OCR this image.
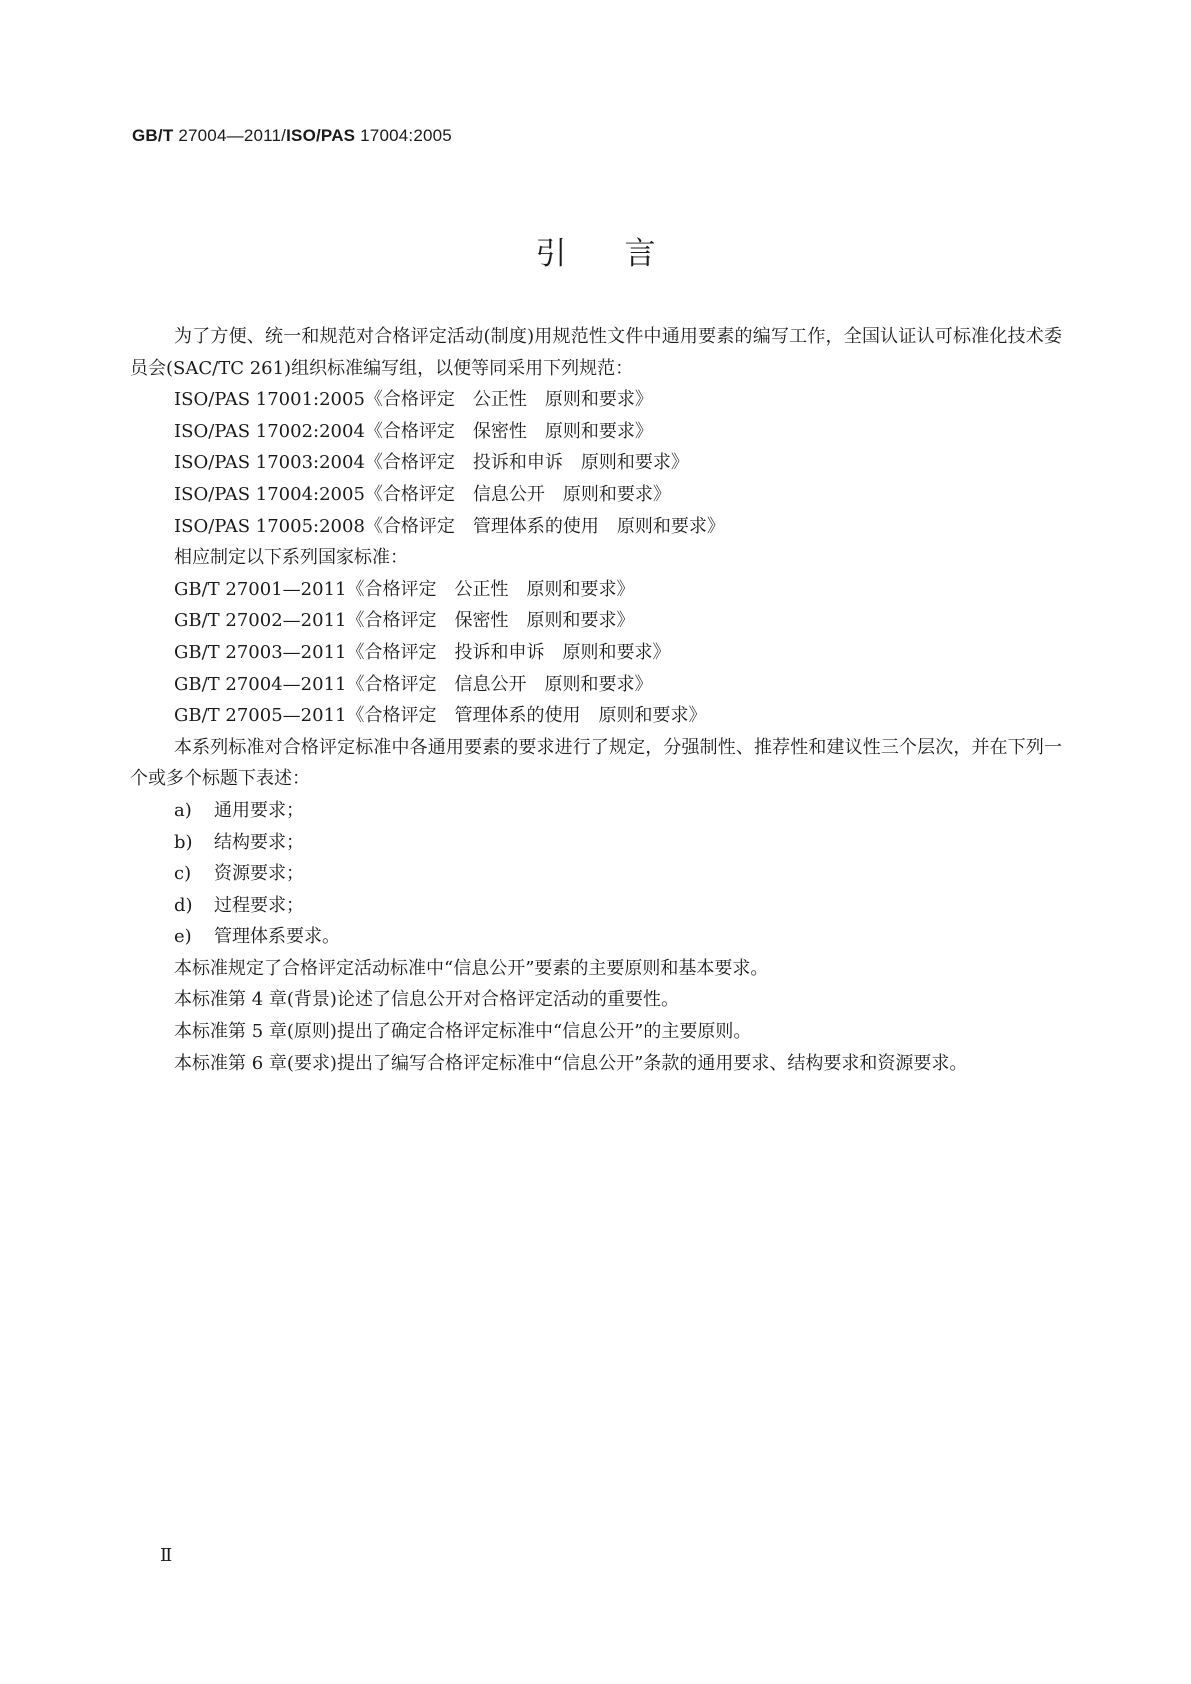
GB/T 27004—2011/ISO/PAS 17004:2005
引言

为了方便、统一和规范对合格评定活动(制度)用规范性文件中通用要素的编写工作，全国认证认可标准化技术委员会(SAC/TC 261)组织标准编写组，以便等同采用下列规范：

ISO/PAS 17001:2005《合格评定　公正性　原则和要求》

ISO/PAS 17002:2004《合格评定　保密性　原则和要求》

ISO/PAS 17003:2004《合格评定　投诉和申诉　原则和要求》

ISO/PAS 17004:2005《合格评定　信息公开　原则和要求》

ISO/PAS 17005:2008《合格评定　管理体系的使用　原则和要求》

相应制定以下系列国家标准：

GB/T 27001—2011《合格评定　公正性　原则和要求》

GB/T 27002—2011《合格评定　保密性　原则和要求》

GB/T 27003—2011《合格评定　投诉和申诉　原则和要求》

GB/T 27004—2011《合格评定　信息公开　原则和要求》

GB/T 27005—2011《合格评定　管理体系的使用　原则和要求》

本系列标准对合格评定标准中各通用要素的要求进行了规定，分强制性、推荐性和建议性三个层次，并在下列一个或多个标题下表述：

a) 通用要求；

b) 结构要求；

c) 资源要求；

d) 过程要求；

e) 管理体系要求。

本标准规定了合格评定活动标准中“信息公开”要素的主要原则和基本要求。

本标准第 4 章(背景)论述了信息公开对合格评定活动的重要性。

本标准第 5 章(原则)提出了确定合格评定标准中“信息公开”的主要原则。

本标准第 6 章(要求)提出了编写合格评定标准中“信息公开”条款的通用要求、结构要求和资源要求。

Ⅱ
